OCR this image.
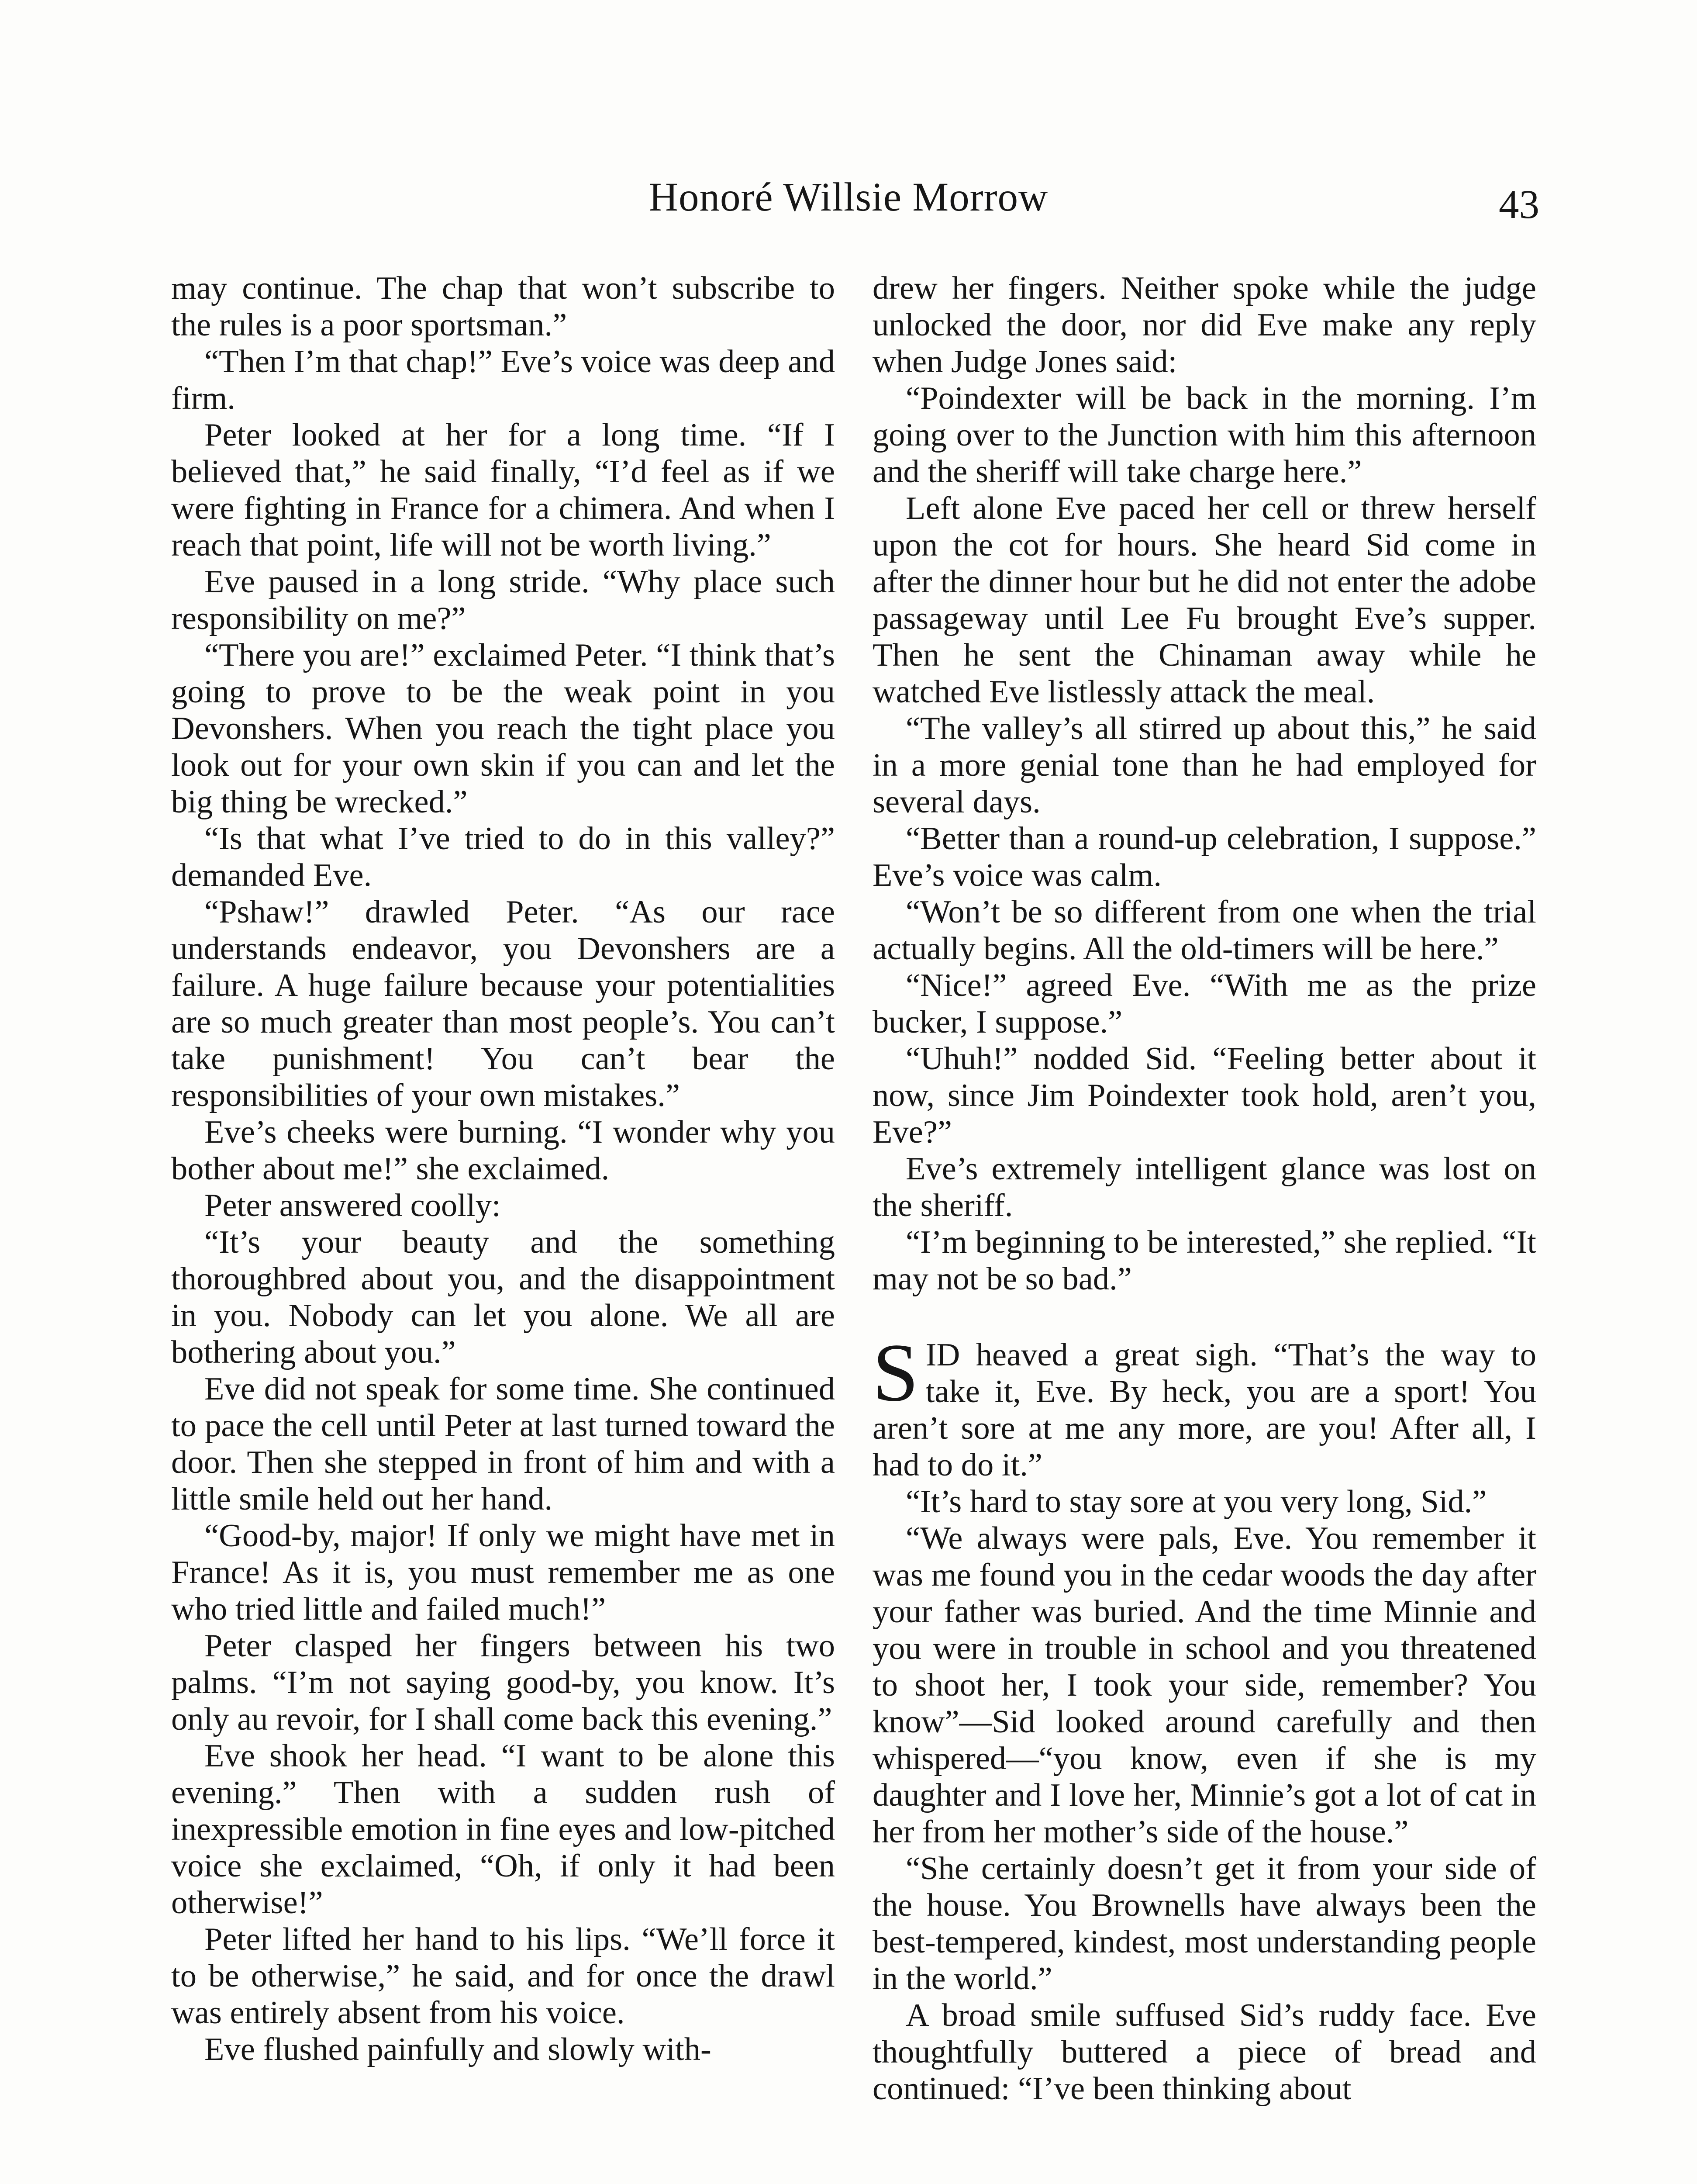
Honoré Willsie Morrow	43

may continue. The chap that won’t subscribe to the rules is a poor sportsman.”

“Then I’m that chap!” Eve’s voice was deep and firm.

Peter looked at her for a long time. “If I believed that,” he said finally, “I’d feel as if we were fighting in France for a chimera. And when I reach that point, life will not be worth living.”

Eve paused in a long stride. “Why place such responsibility on me?”

“There you are!” exclaimed Peter. “I think that’s going to prove to be the weak point in you Devonshers. When you reach the tight place you look out for your own skin if you can and let the big thing be wrecked.”

“Is that what I’ve tried to do in this valley?” demanded Eve.

“Pshaw!” drawled Peter. “As our race understands endeavor, you Devonshers are a failure. A huge failure because your potentialities are so much greater than most people’s. You can’t take punishment! You can’t bear the responsibilities of your own mistakes.”

Eve’s cheeks were burning. “I wonder why you bother about me!” she exclaimed.

Peter answered coolly:

“It’s your beauty and the something thoroughbred about you, and the disappointment in you. Nobody can let you alone. We all are bothering about you.”

Eve did not speak for some time. She continued to pace the cell until Peter at last turned toward the door. Then she stepped in front of him and with a little smile held out her hand.

“Good-by, major! If only we might have met in France! As it is, you must remember me as one who tried little and failed much!”

Peter clasped her fingers between his two palms. “I’m not saying good-by, you know. It’s only au revoir, for I shall come back this evening.”

Eve shook her head. “I want to be alone this evening.” Then with a sudden rush of inexpressible emotion in fine eyes and low-pitched voice she exclaimed, “Oh, if only it had been otherwise!”

Peter lifted her hand to his lips. “We’ll force it to be otherwise,” he said, and for once the drawl was entirely absent from his voice.

Eve flushed painfully and slowly with-

drew her fingers. Neither spoke while the judge unlocked the door, nor did Eve make any reply when Judge Jones said:

“Poindexter will be back in the morning. I’m going over to the Junction with him this afternoon and the sheriff will take charge here.”

Left alone Eve paced her cell or threw herself upon the cot for hours. She heard Sid come in after the dinner hour but he did not enter the adobe passageway until Lee Fu brought Eve’s supper. Then he sent the Chinaman away while he watched Eve listlessly attack the meal.

“The valley’s all stirred up about this,” he said in a more genial tone than he had employed for several days.

“Better than a round-up celebration, I suppose.” Eve’s voice was calm.

“Won’t be so different from one when the trial actually begins. All the old-timers will be here.”

“Nice!” agreed Eve. “With me as the prize bucker, I suppose.”

“Uhuh!” nodded Sid. “Feeling better about it now, since Jim Poindexter took hold, aren’t you, Eve?”

Eve’s extremely intelligent glance was lost on the sheriff.

“I’m beginning to be interested,” she replied. “It may not be so bad.”

SID heaved a great sigh. “That’s the way to take it, Eve. By heck, you are a sport! You aren’t sore at me any more, are you! After all, I had to do it.”

“It’s hard to stay sore at you very long, Sid.”

“We always were pals, Eve. You remember it was me found you in the cedar woods the day after your father was buried. And the time Minnie and you were in trouble in school and you threatened to shoot her, I took your side, remember? You know”—Sid looked around carefully and then whispered—“you know, even if she is my daughter and I love her, Minnie’s got a lot of cat in her from her mother’s side of the house.”

“She certainly doesn’t get it from your side of the house. You Brownells have always been the best-tempered, kindest, most understanding people in the world.”

A broad smile suffused Sid’s ruddy face. Eve thoughtfully buttered a piece of bread and continued: “I’ve been thinking about
